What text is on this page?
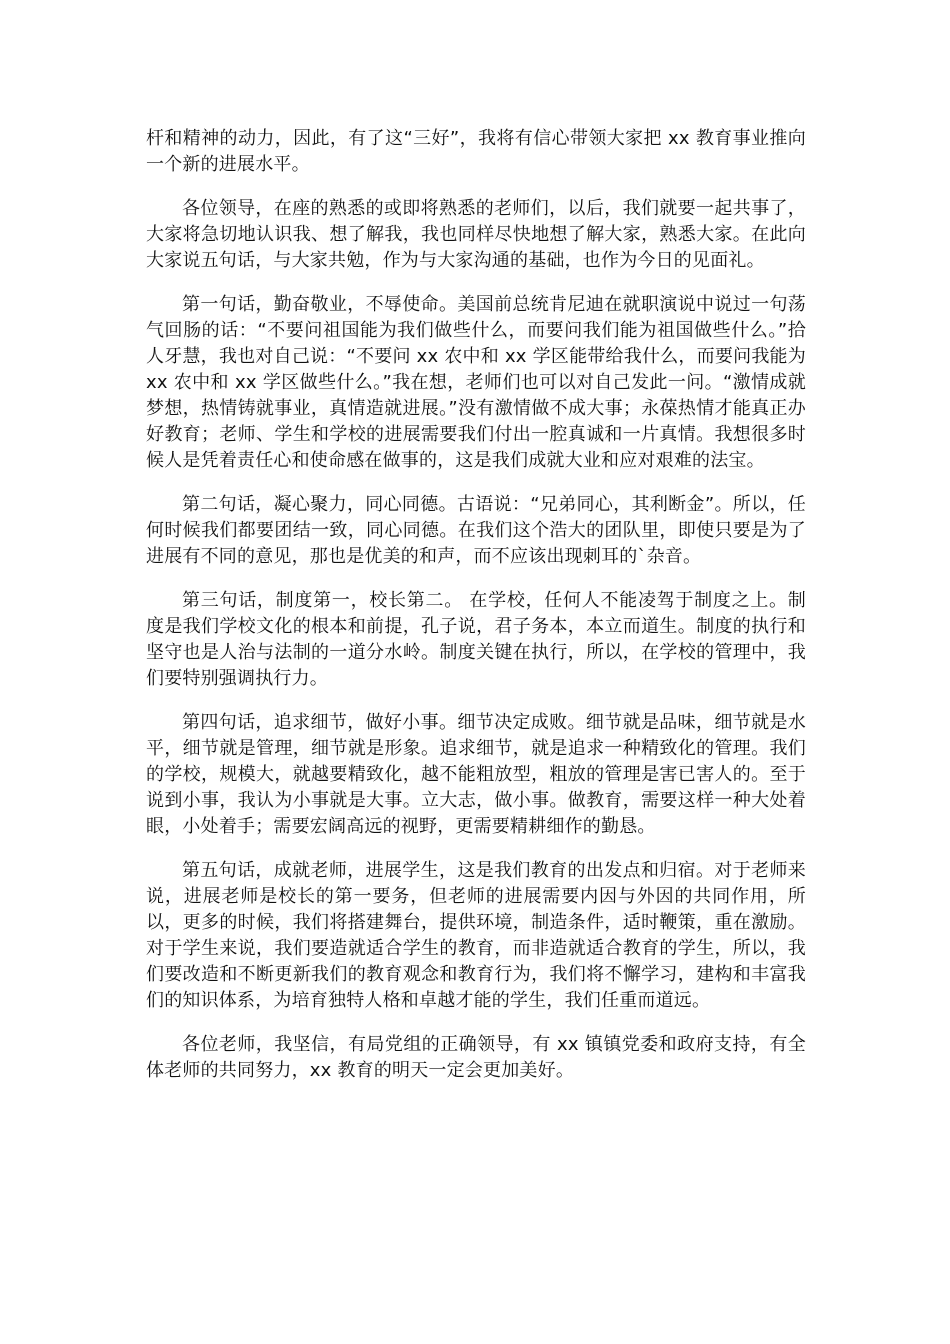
杆和精神的动力，因此，有了这“三好”，我将有信心带领大家把 xx 教育事业推向一个新的进展水平。

各位领导，在座的熟悉的或即将熟悉的老师们，以后，我们就要一起共事了，大家将急切地认识我、想了解我，我也同样尽快地想了解大家，熟悉大家。在此向大家说五句话，与大家共勉，作为与大家沟通的基础，也作为今日的见面礼。

第一句话，勤奋敬业，不辱使命。美国前总统肯尼迪在就职演说中说过一句荡气回肠的话：“不要问祖国能为我们做些什么，而要问我们能为祖国做些什么。”拾人牙慧，我也对自己说：“不要问 xx 农中和 xx 学区能带给我什么，而要问我能为 xx 农中和 xx 学区做些什么。”我在想，老师们也可以对自己发此一问。“激情成就梦想，热情铸就事业，真情造就进展。”没有激情做不成大事；永葆热情才能真正办好教育；老师、学生和学校的进展需要我们付出一腔真诚和一片真情。我想很多时候人是凭着责任心和使命感在做事的，这是我们成就大业和应对艰难的法宝。

第二句话，凝心聚力，同心同德。古语说：“兄弟同心，其利断金”。所以，任何时候我们都要团结一致，同心同德。在我们这个浩大的团队里，即使只要是为了进展有不同的意见，那也是优美的和声，而不应该出现刺耳的`杂音。

第三句话，制度第一，校长第二。 在学校，任何人不能凌驾于制度之上。制度是我们学校文化的根本和前提，孔子说，君子务本，本立而道生。制度的执行和坚守也是人治与法制的一道分水岭。制度关键在执行，所以，在学校的管理中，我们要特别强调执行力。

第四句话，追求细节，做好小事。细节决定成败。细节就是品味，细节就是水平，细节就是管理，细节就是形象。追求细节，就是追求一种精致化的管理。我们的学校，规模大，就越要精致化，越不能粗放型，粗放的管理是害已害人的。至于说到小事，我认为小事就是大事。立大志，做小事。做教育，需要这样一种大处着眼，小处着手；需要宏阔高远的视野，更需要精耕细作的勤恳。

第五句话，成就老师，进展学生，这是我们教育的出发点和归宿。对于老师来说，进展老师是校长的第一要务，但老师的进展需要内因与外因的共同作用，所以，更多的时候，我们将搭建舞台，提供环境，制造条件，适时鞭策，重在激励。对于学生来说，我们要造就适合学生的教育，而非造就适合教育的学生，所以，我们要改造和不断更新我们的教育观念和教育行为，我们将不懈学习，建构和丰富我们的知识体系，为培育独特人格和卓越才能的学生，我们任重而道远。

各位老师，我坚信，有局党组的正确领导，有 xx 镇镇党委和政府支持，有全体老师的共同努力，xx 教育的明天一定会更加美好。
